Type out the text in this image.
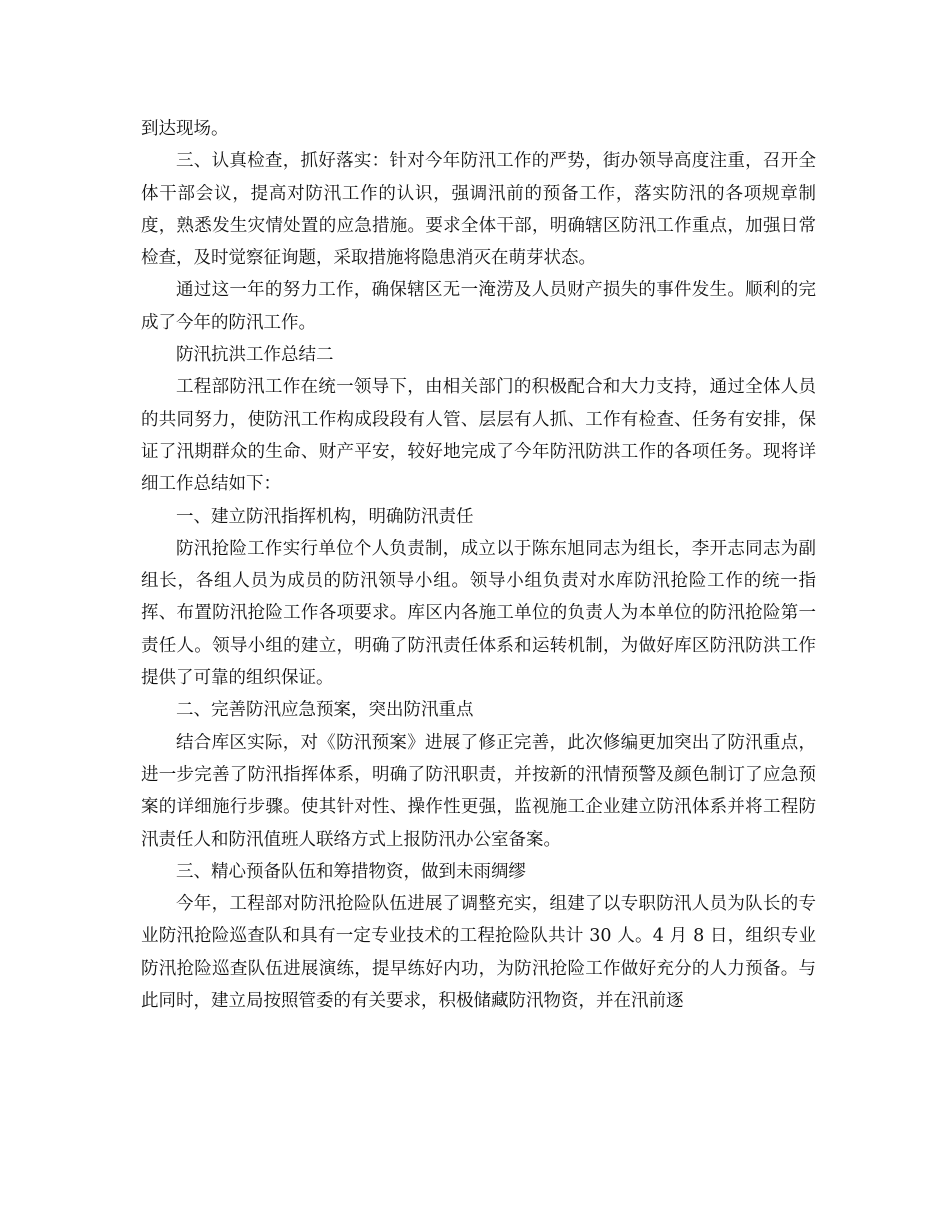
到达现场。

三、认真检查，抓好落实：针对今年防汛工作的严势，街办领导高度注重，召开全体干部会议，提高对防汛工作的认识，强调汛前的预备工作，落实防汛的各项规章制度，熟悉发生灾情处置的应急措施。要求全体干部，明确辖区防汛工作重点，加强日常检查，及时觉察征询题，采取措施将隐患消灭在萌芽状态。

通过这一年的努力工作，确保辖区无一淹涝及人员财产损失的事件发生。顺利的完成了今年的防汛工作。

防汛抗洪工作总结二

工程部防汛工作在统一领导下，由相关部门的积极配合和大力支持，通过全体人员的共同努力，使防汛工作构成段段有人管、层层有人抓、工作有检查、任务有安排，保证了汛期群众的生命、财产平安，较好地完成了今年防汛防洪工作的各项任务。现将详细工作总结如下：

一、建立防汛指挥机构，明确防汛责任

防汛抢险工作实行单位个人负责制，成立以于陈东旭同志为组长，李开志同志为副组长，各组人员为成员的防汛领导小组。领导小组负责对水库防汛抢险工作的统一指挥、布置防汛抢险工作各项要求。库区内各施工单位的负责人为本单位的防汛抢险第一责任人。领导小组的建立，明确了防汛责任体系和运转机制，为做好库区防汛防洪工作提供了可靠的组织保证。

二、完善防汛应急预案，突出防汛重点

结合库区实际，对《防汛预案》进展了修正完善，此次修编更加突出了防汛重点，进一步完善了防汛指挥体系，明确了防汛职责，并按新的汛情预警及颜色制订了应急预案的详细施行步骤。使其针对性、操作性更强，监视施工企业建立防汛体系并将工程防汛责任人和防汛值班人联络方式上报防汛办公室备案。

三、精心预备队伍和筹措物资，做到未雨绸缪

今年，工程部对防汛抢险队伍进展了调整充实，组建了以专职防汛人员为队长的专业防汛抢险巡查队和具有一定专业技术的工程抢险队共计 30 人。4 月 8 日，组织专业防汛抢险巡查队伍进展演练，提早练好内功，为防汛抢险工作做好充分的人力预备。与此同时，建立局按照管委的有关要求，积极储藏防汛物资，并在汛前逐
